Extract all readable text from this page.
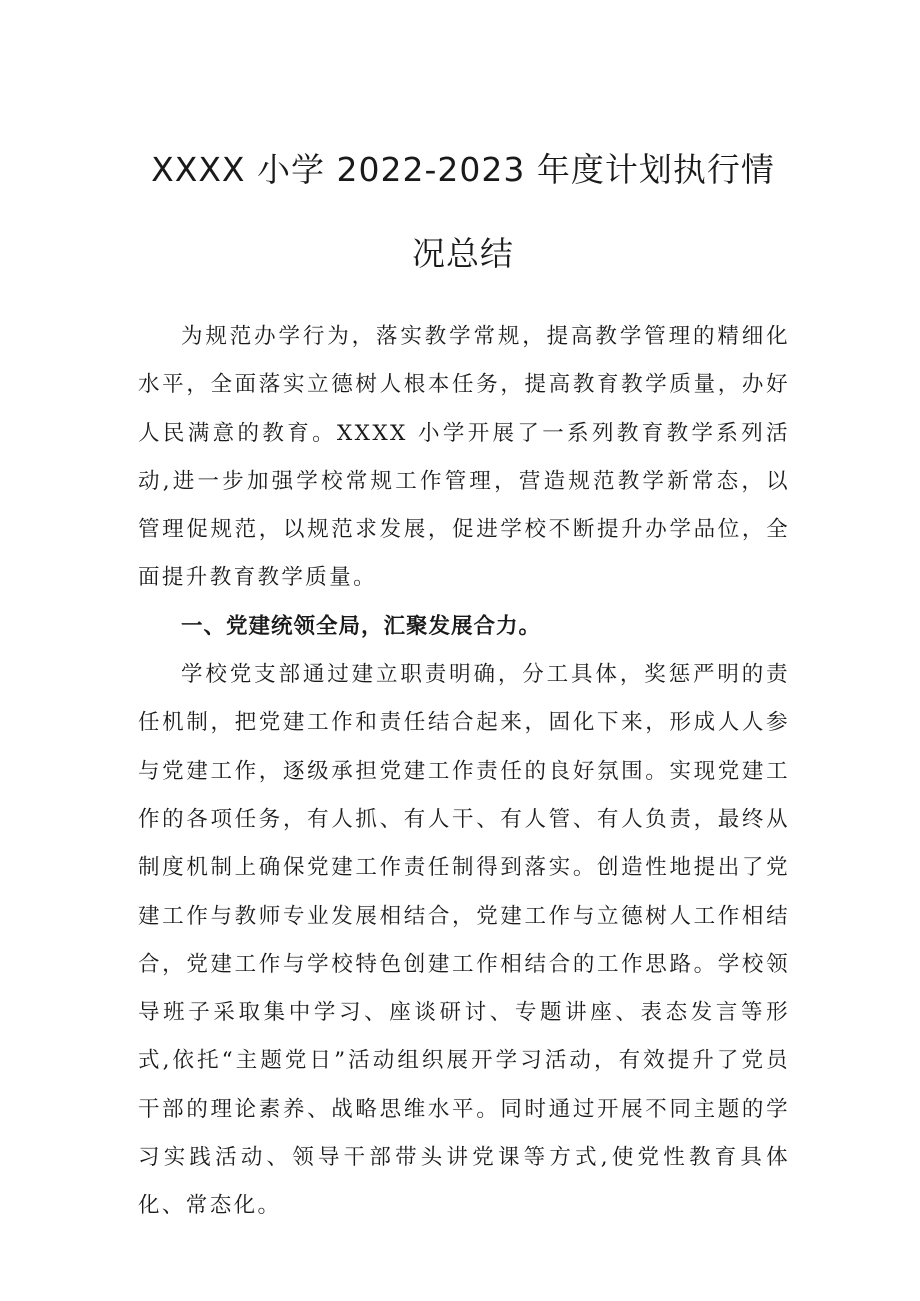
XXXX 小学 2022-2023 年度计划执行情
况总结

为规范办学行为，落实教学常规，提高教学管理的精细化水平，全面落实立德树人根本任务，提高教育教学质量，办好人民满意的教育。XXXX 小学开展了一系列教育教学系列活动,进一步加强学校常规工作管理，营造规范教学新常态，以管理促规范，以规范求发展，促进学校不断提升办学品位，全面提升教育教学质量。

一、党建统领全局，汇聚发展合力。

学校党支部通过建立职责明确，分工具体，奖惩严明的责任机制，把党建工作和责任结合起来，固化下来，形成人人参与党建工作，逐级承担党建工作责任的良好氛围。实现党建工作的各项任务，有人抓、有人干、有人管、有人负责，最终从制度机制上确保党建工作责任制得到落实。创造性地提出了党建工作与教师专业发展相结合，党建工作与立德树人工作相结合，党建工作与学校特色创建工作相结合的工作思路。学校领导班子采取集中学习、座谈研讨、专题讲座、表态发言等形式,依托“主题党日”活动组织展开学习活动，有效提升了党员干部的理论素养、战略思维水平。同时通过开展不同主题的学习实践活动、领导干部带头讲党课等方式,使党性教育具体化、常态化。
